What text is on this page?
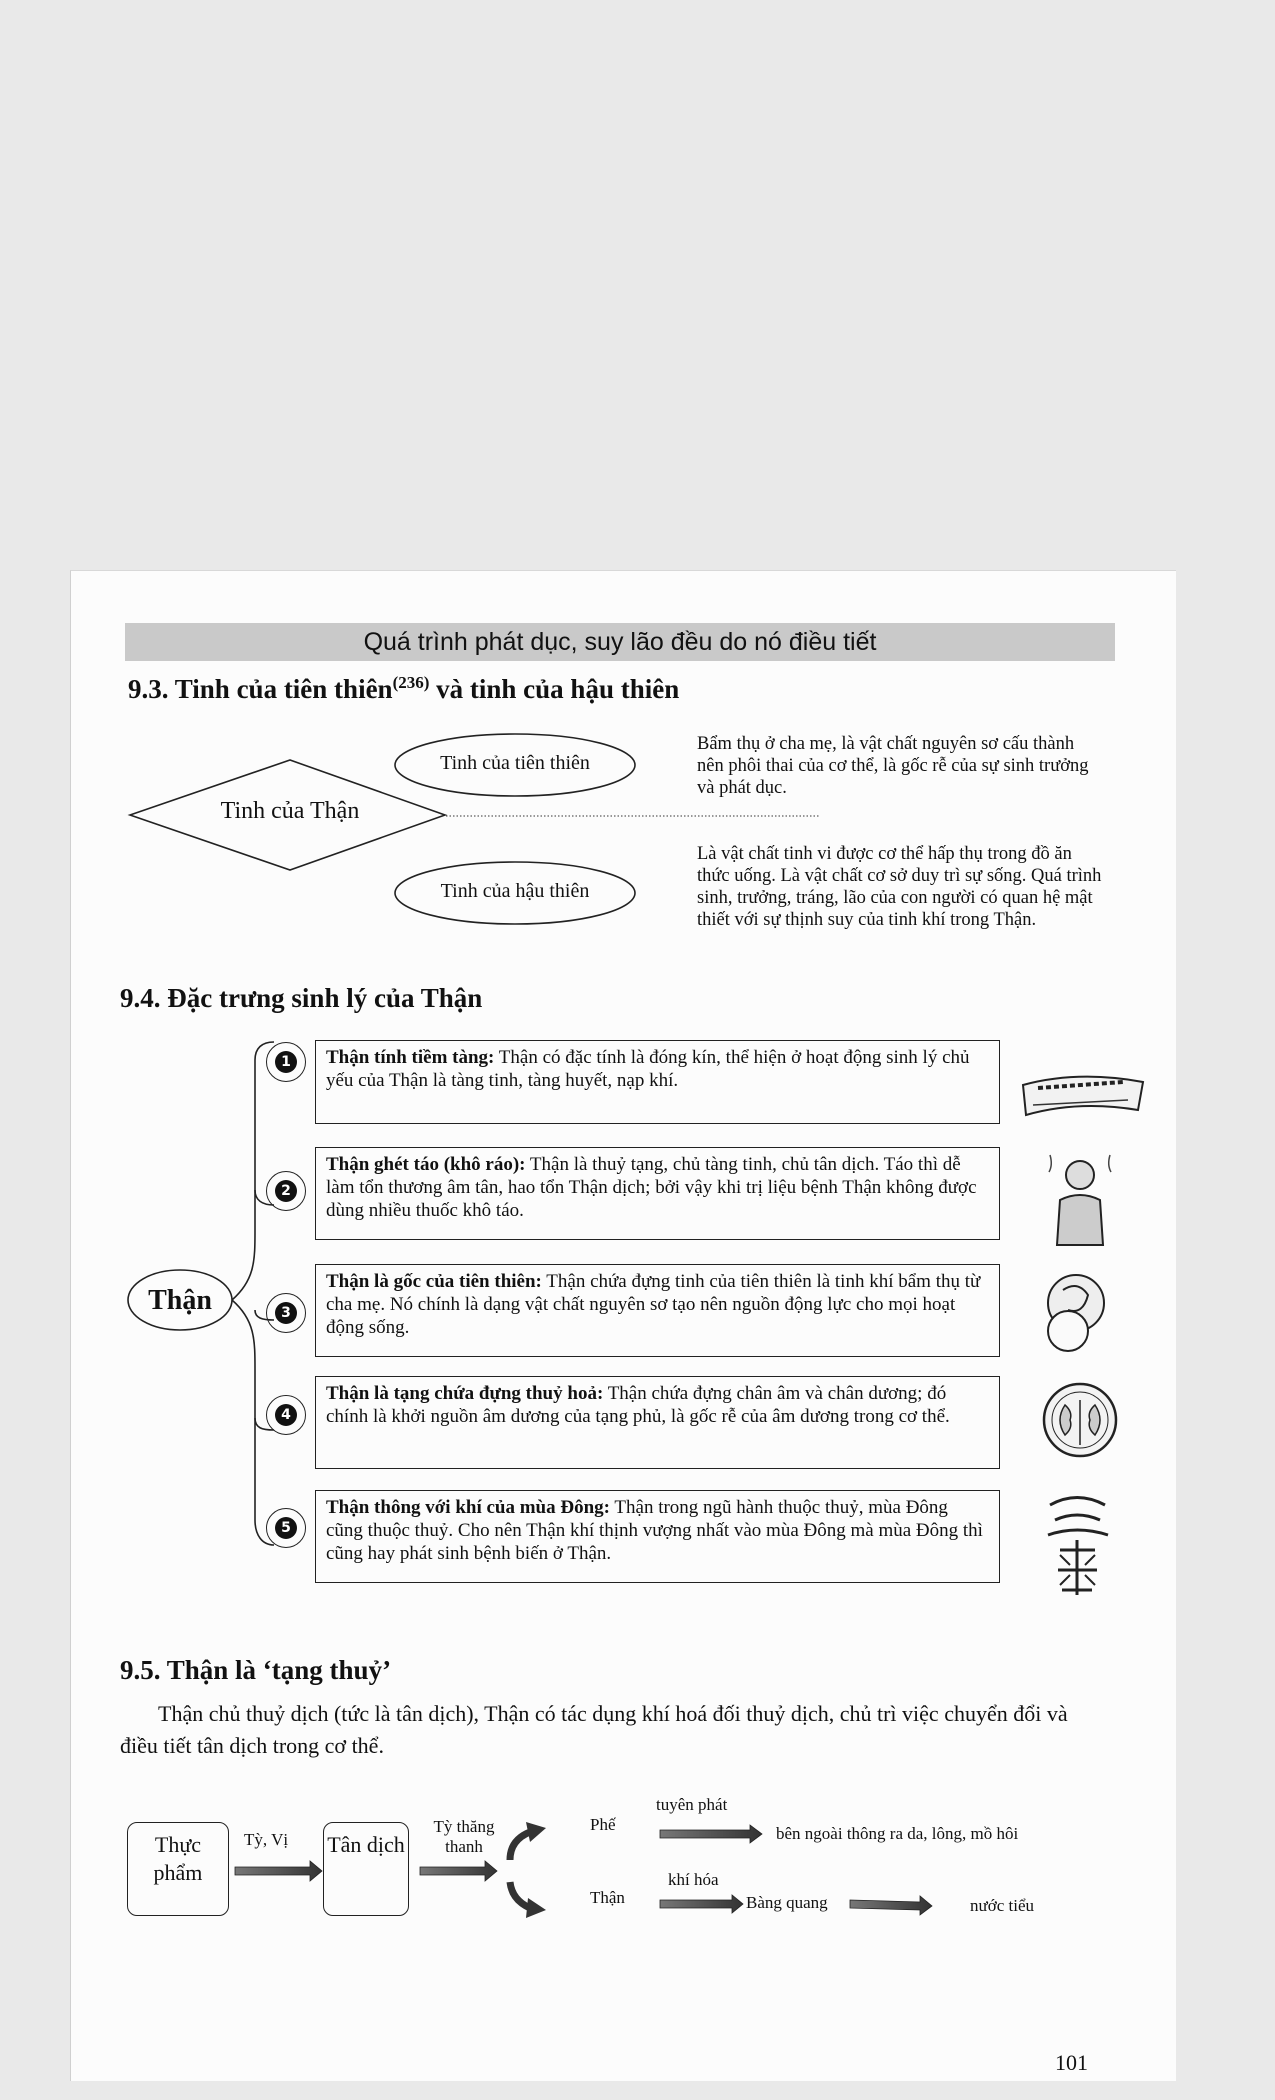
Quá trình phát dục, suy lão đều do nó điều tiết
9.3. Tinh của tiên thiên$^{(236)}$ và tinh của hậu thiên
Tinh của Thận
Tinh của tiên thiên
Tinh của hậu thiên
Bẩm thụ ở cha mẹ, là vật chất nguyên sơ cấu thành nên phôi thai của cơ thể, là gốc rễ của sự sinh trưởng và phát dục.
Là vật chất tinh vi được cơ thể hấp thụ trong đồ ăn thức uống. Là vật chất cơ sở duy trì sự sống. Quá trình sinh, trưởng, tráng, lão của con người có quan hệ mật thiết với sự thịnh suy của tinh khí trong Thận.
9.4. Đặc trưng sinh lý của Thận
Thận
1
2
3
4
5
Thận tính tiềm tàng: Thận có đặc tính là đóng kín, thể hiện ở hoạt động sinh lý chủ yếu của Thận là tàng tinh, tàng huyết, nạp khí.
Thận ghét táo (khô ráo): Thận là thuỷ tạng, chủ tàng tinh, chủ tân dịch. Táo thì dễ làm tổn thương âm tân, hao tổn Thận dịch; bởi vậy khi trị liệu bệnh Thận không được dùng nhiều thuốc khô táo.
Thận là gốc của tiên thiên: Thận chứa đựng tinh của tiên thiên là tinh khí bẩm thụ từ cha mẹ. Nó chính là dạng vật chất nguyên sơ tạo nên nguồn động lực cho mọi hoạt động sống.
Thận là tạng chứa đựng thuỷ hoả: Thận chứa đựng chân âm và chân dương; đó chính là khởi nguồn âm dương của tạng phủ, là gốc rễ của âm dương trong cơ thể.
Thận thông với khí của mùa Đông: Thận trong ngũ hành thuộc thuỷ, mùa Đông cũng thuộc thuỷ. Cho nên Thận khí thịnh vượng nhất vào mùa Đông mà mùa Đông thì cũng hay phát sinh bệnh biến ở Thận.
9.5. Thận là ‘tạng thuỷ’
Thận chủ thuỷ dịch (tức là tân dịch), Thận có tác dụng khí hoá đối thuỷ dịch, chủ trì việc chuyển đổi và điều tiết tân dịch trong cơ thể.
Thực phẩm
Tân dịch
Tỳ, Vị
Tỳ thăng thanh
Phế
Thận
tuyên phát
khí hóa
bên ngoài thông ra da, lông, mồ hôi
Bàng quang	nước tiểu
101
